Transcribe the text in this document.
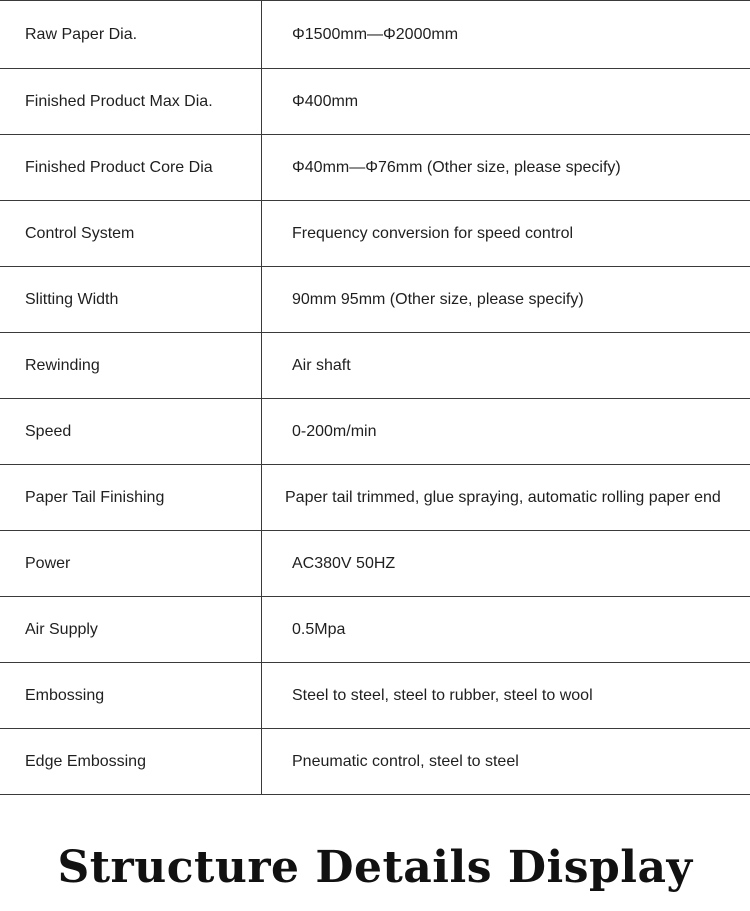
Raw Paper Dia.	Φ1500mm—Φ2000mm
Finished Product Max Dia.	Φ400mm
Finished Product Core Dia	Φ40mm—Φ76mm (Other size, please specify)
Control System	Frequency conversion for speed control
Slitting Width	90mm 95mm (Other size, please specify)
Rewinding	Air shaft
Speed	0-200m/min
Paper Tail Finishing	Paper tail trimmed, glue spraying, automatic rolling paper end
Power	AC380V 50HZ
Air Supply	0.5Mpa
Embossing	Steel to steel, steel to rubber, steel to wool
Edge Embossing	Pneumatic control, steel to steel
Structure Details Display
